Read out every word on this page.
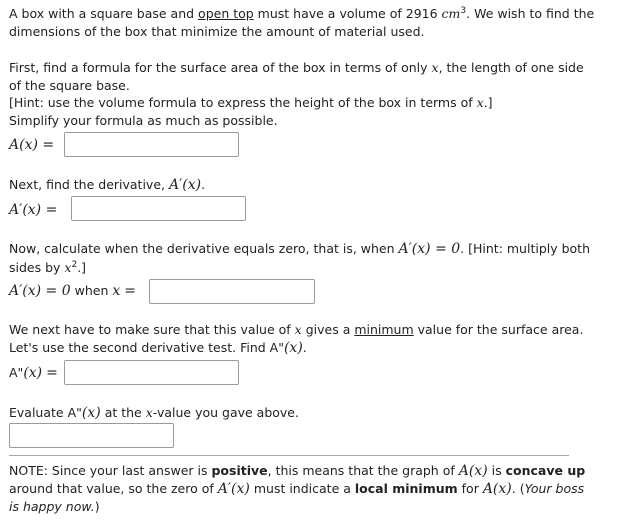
A box with a square base and open top must have a volume of 2916 $cm^3$. We wish to find the
dimensions of the box that minimize the amount of material used.
First, find a formula for the surface area of the box in terms of only x, the length of one side
of the square base.
[Hint: use the volume formula to express the height of the box in terms of x.]
Simplify your formula as much as possible.
A(x) =
Next, find the derivative, A′(x).
A′(x) =
Now, calculate when the derivative equals zero, that is, when A′(x) = 0. [Hint: multiply both
sides by $x^2$.]
A′(x) = 0 when x =
We next have to make sure that this value of x gives a minimum value for the surface area.
Let's use the second derivative test. Find A"(x).
A"(x) =
Evaluate A"(x) at the x-value you gave above.
NOTE: Since your last answer is positive, this means that the graph of A(x) is concave up
around that value, so the zero of A′(x) must indicate a local minimum for A(x). (Your boss
is happy now.)
